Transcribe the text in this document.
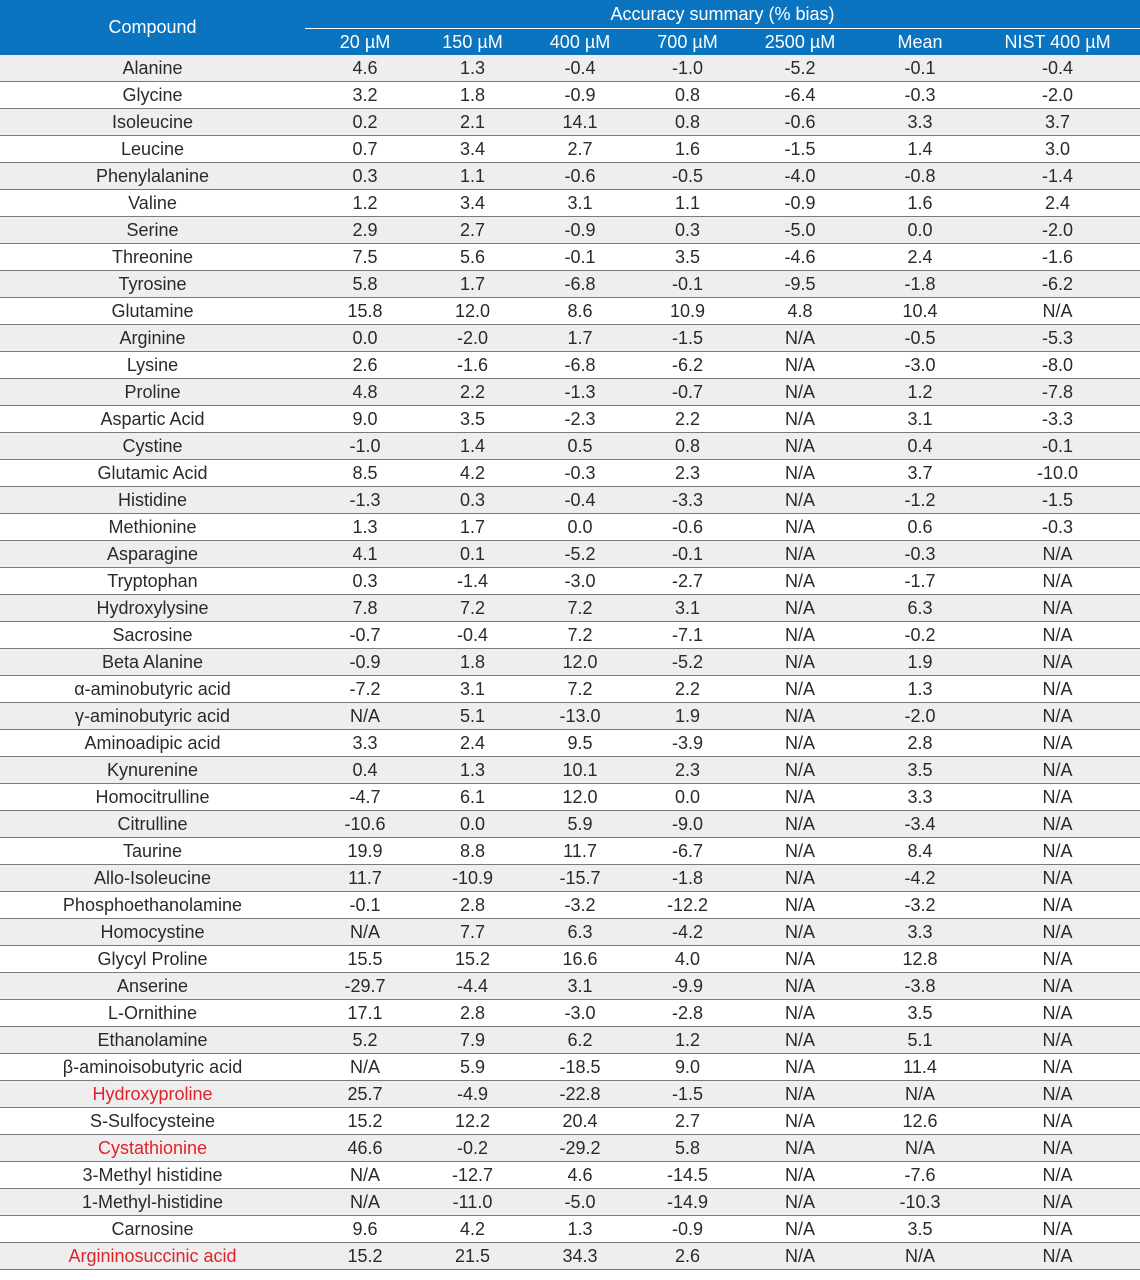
Compound	Accuracy summary (% bias)						
	20 µM	150 µM	400 µM	700 µM	2500 µM	Mean	NIST 400 µM
Alanine	4.6	1.3	-0.4	-1.0	-5.2	-0.1	-0.4
Glycine	3.2	1.8	-0.9	0.8	-6.4	-0.3	-2.0
Isoleucine	0.2	2.1	14.1	0.8	-0.6	3.3	3.7
Leucine	0.7	3.4	2.7	1.6	-1.5	1.4	3.0
Phenylalanine	0.3	1.1	-0.6	-0.5	-4.0	-0.8	-1.4
Valine	1.2	3.4	3.1	1.1	-0.9	1.6	2.4
Serine	2.9	2.7	-0.9	0.3	-5.0	0.0	-2.0
Threonine	7.5	5.6	-0.1	3.5	-4.6	2.4	-1.6
Tyrosine	5.8	1.7	-6.8	-0.1	-9.5	-1.8	-6.2
Glutamine	15.8	12.0	8.6	10.9	4.8	10.4	N/A
Arginine	0.0	-2.0	1.7	-1.5	N/A	-0.5	-5.3
Lysine	2.6	-1.6	-6.8	-6.2	N/A	-3.0	-8.0
Proline	4.8	2.2	-1.3	-0.7	N/A	1.2	-7.8
Aspartic Acid	9.0	3.5	-2.3	2.2	N/A	3.1	-3.3
Cystine	-1.0	1.4	0.5	0.8	N/A	0.4	-0.1
Glutamic Acid	8.5	4.2	-0.3	2.3	N/A	3.7	-10.0
Histidine	-1.3	0.3	-0.4	-3.3	N/A	-1.2	-1.5
Methionine	1.3	1.7	0.0	-0.6	N/A	0.6	-0.3
Asparagine	4.1	0.1	-5.2	-0.1	N/A	-0.3	N/A
Tryptophan	0.3	-1.4	-3.0	-2.7	N/A	-1.7	N/A
Hydroxylysine	7.8	7.2	7.2	3.1	N/A	6.3	N/A
Sacrosine	-0.7	-0.4	7.2	-7.1	N/A	-0.2	N/A
Beta Alanine	-0.9	1.8	12.0	-5.2	N/A	1.9	N/A
α-aminobutyric acid	-7.2	3.1	7.2	2.2	N/A	1.3	N/A
γ-aminobutyric acid	N/A	5.1	-13.0	1.9	N/A	-2.0	N/A
Aminoadipic acid	3.3	2.4	9.5	-3.9	N/A	2.8	N/A
Kynurenine	0.4	1.3	10.1	2.3	N/A	3.5	N/A
Homocitrulline	-4.7	6.1	12.0	0.0	N/A	3.3	N/A
Citrulline	-10.6	0.0	5.9	-9.0	N/A	-3.4	N/A
Taurine	19.9	8.8	11.7	-6.7	N/A	8.4	N/A
Allo-Isoleucine	11.7	-10.9	-15.7	-1.8	N/A	-4.2	N/A
Phosphoethanolamine	-0.1	2.8	-3.2	-12.2	N/A	-3.2	N/A
Homocystine	N/A	7.7	6.3	-4.2	N/A	3.3	N/A
Glycyl Proline	15.5	15.2	16.6	4.0	N/A	12.8	N/A
Anserine	-29.7	-4.4	3.1	-9.9	N/A	-3.8	N/A
L-Ornithine	17.1	2.8	-3.0	-2.8	N/A	3.5	N/A
Ethanolamine	5.2	7.9	6.2	1.2	N/A	5.1	N/A
β-aminoisobutyric acid	N/A	5.9	-18.5	9.0	N/A	11.4	N/A
Hydroxyproline	25.7	-4.9	-22.8	-1.5	N/A	N/A	N/A
S-Sulfocysteine	15.2	12.2	20.4	2.7	N/A	12.6	N/A
Cystathionine	46.6	-0.2	-29.2	5.8	N/A	N/A	N/A
3-Methyl histidine	N/A	-12.7	4.6	-14.5	N/A	-7.6	N/A
1-Methyl-histidine	N/A	-11.0	-5.0	-14.9	N/A	-10.3	N/A
Carnosine	9.6	4.2	1.3	-0.9	N/A	3.5	N/A
Argininosuccinic acid	15.2	21.5	34.3	2.6	N/A	N/A	N/A
